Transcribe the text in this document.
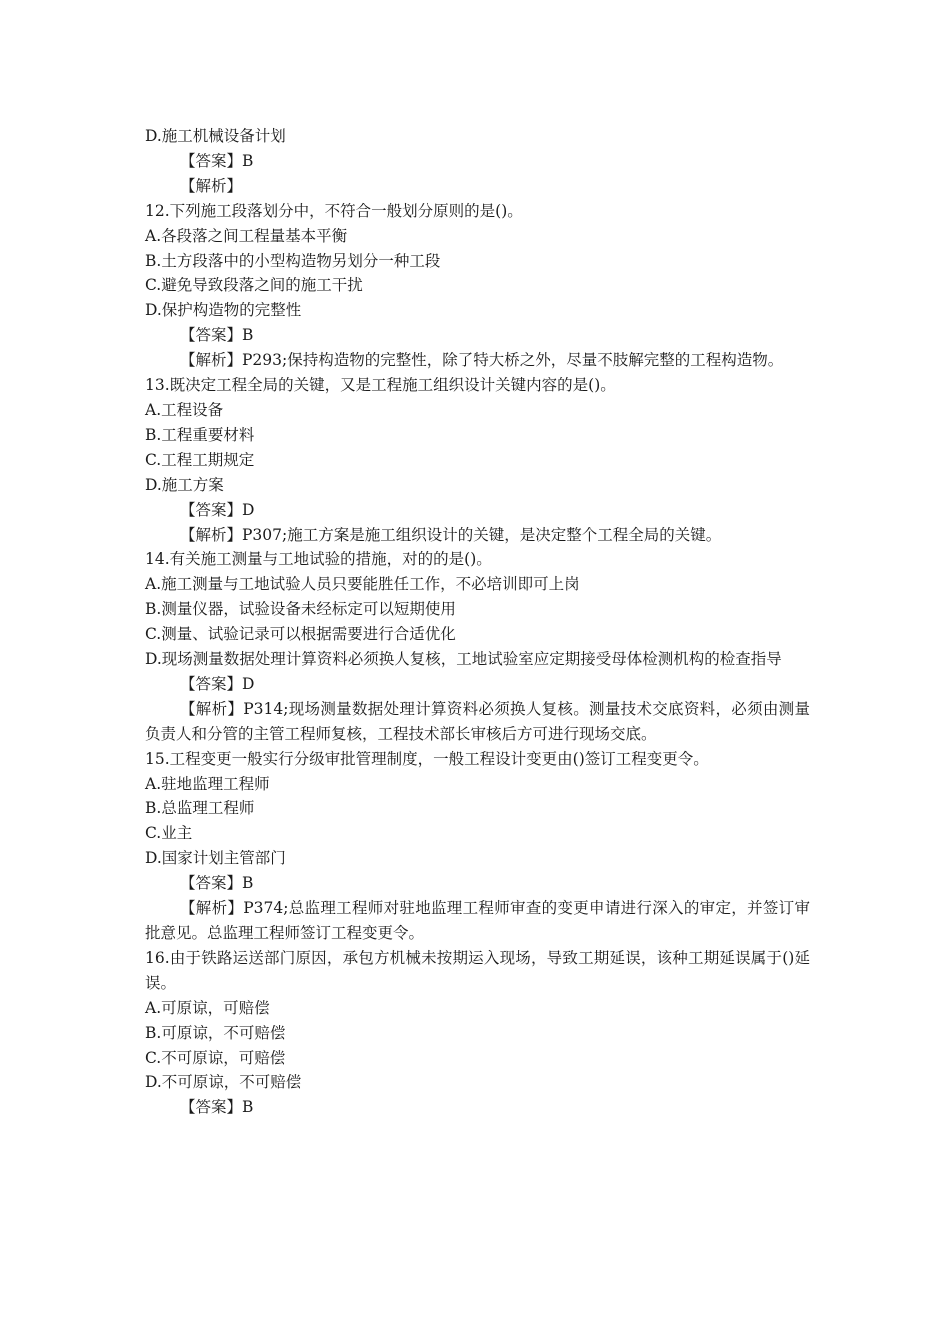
D.施工机械设备计划
【答案】B
【解析】
12.下列施工段落划分中，不符合一般划分原则的是()。
A.各段落之间工程量基本平衡
B.土方段落中的小型构造物另划分一种工段
C.避免导致段落之间的施工干扰
D.保护构造物的完整性
【答案】B
【解析】P293;保持构造物的完整性，除了特大桥之外，尽量不肢解完整的工程构造物。
13.既决定工程全局的关键，又是工程施工组织设计关键内容的是()。
A.工程设备
B.工程重要材料
C.工程工期规定
D.施工方案
【答案】D
【解析】P307;施工方案是施工组织设计的关键，是决定整个工程全局的关键。
14.有关施工测量与工地试验的措施，对的的是()。
A.施工测量与工地试验人员只要能胜任工作，不必培训即可上岗
B.测量仪器，试验设备未经标定可以短期使用
C.测量、试验记录可以根据需要进行合适优化
D.现场测量数据处理计算资料必须换人复核，工地试验室应定期接受母体检测机构的检查指导
【答案】D
【解析】P314;现场测量数据处理计算资料必须换人复核。测量技术交底资料，必须由测量负责人和分管的主管工程师复核，工程技术部长审核后方可进行现场交底。
15.工程变更一般实行分级审批管理制度，一般工程设计变更由()签订工程变更令。
A.驻地监理工程师
B.总监理工程师
C.业主
D.国家计划主管部门
【答案】B
【解析】P374;总监理工程师对驻地监理工程师审查的变更申请进行深入的审定，并签订审批意见。总监理工程师签订工程变更令。
16.由于铁路运送部门原因，承包方机械未按期运入现场，导致工期延误，该种工期延误属于()延误。
A.可原谅，可赔偿
B.可原谅，不可赔偿
C.不可原谅，可赔偿
D.不可原谅，不可赔偿
【答案】B
